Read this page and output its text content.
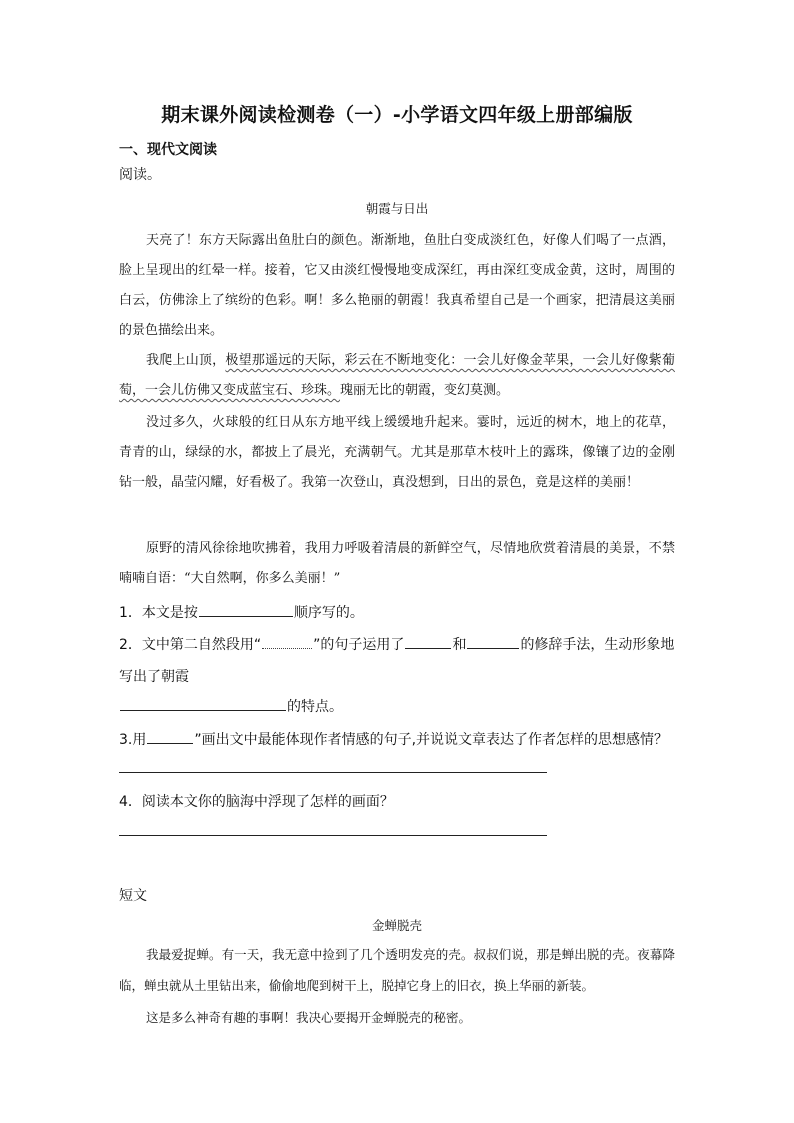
期末课外阅读检测卷（一）-小学语文四年级上册部编版
一、现代文阅读
阅读。
朝霞与日出
天亮了！东方天际露出鱼肚白的颜色。渐渐地，鱼肚白变成淡红色，好像人们喝了一点酒，脸上呈现出的红晕一样。接着，它又由淡红慢慢地变成深红，再由深红变成金黄，这时，周围的白云，仿佛涂上了缤纷的色彩。啊！多么艳丽的朝霞！我真希望自己是一个画家，把清晨这美丽的景色描绘出来。
我爬上山顶，极望那遥远的天际，彩云在不断地变化：一会儿好像金苹果，一会儿好像紫葡萄，一会儿仿佛又变成蓝宝石、珍珠。瑰丽无比的朝霞，变幻莫测。
没过多久，火球般的红日从东方地平线上缓缓地升起来。霎时，远近的树木，地上的花草，青青的山，绿绿的水，都披上了晨光，充满朝气。尤其是那草木枝叶上的露珠，像镶了边的金刚钻一般，晶莹闪耀，好看极了。我第一次登山，真没想到，日出的景色，竟是这样的美丽！
原野的清风徐徐地吹拂着，我用力呼吸着清晨的新鲜空气，尽情地欣赏着清晨的美景，不禁喃喃自语：“大自然啊，你多么美丽！”
1．本文是按	顺序写的。
2．文中第二自然段用“	”的句子运用了	和	的修辞手法，生动形象地
写出了朝霞
的特点。
3.用	”画出文中最能体现作者情感的句子,并说说文章表达了作者怎样的思想感情？
4．阅读本文你的脑海中浮现了怎样的画面？
短文
金蝉脱壳
我最爱捉蝉。有一天，我无意中捡到了几个透明发亮的壳。叔叔们说，那是蝉出脱的壳。夜幕降临，蝉虫就从土里钻出来，偷偷地爬到树干上，脱掉它身上的旧衣，换上华丽的新装。
这是多么神奇有趣的事啊！我决心要揭开金蝉脱壳的秘密。
